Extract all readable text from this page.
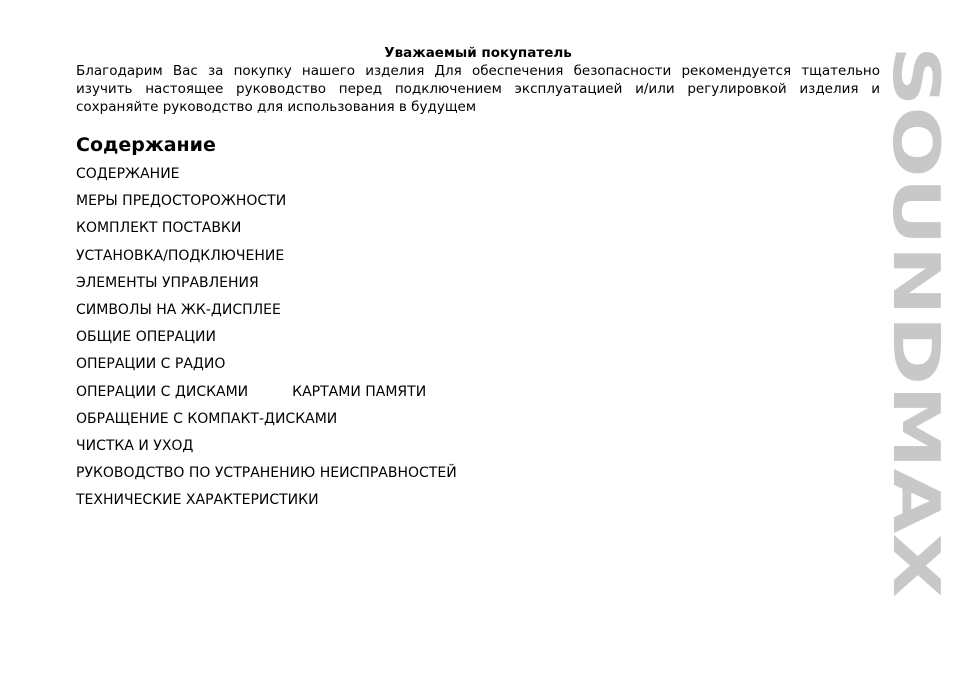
Уважаемый покупатель

Благодарим Вас за покупку нашего изделия Для обеспечения безопасности рекомендуется тщательно изучить настоящее руководство перед подключением эксплуатацией и/или регулировкой изделия и сохраняйте руководство для использования в будущем

Содержание
СОДЕРЖАНИЕ
МЕРЫ ПРЕДОСТОРОЖНОСТИ
КОМПЛЕКТ ПОСТАВКИ
УСТАНОВКА/ПОДКЛЮЧЕНИЕ
ЭЛЕМЕНТЫ УПРАВЛЕНИЯ
СИМВОЛЫ НА ЖК-ДИСПЛЕЕ
ОБЩИЕ ОПЕРАЦИИ
ОПЕРАЦИИ С РАДИО
ОПЕРАЦИИ С ДИСКАМИ	КАРТАМИ ПАМЯТИ
ОБРАЩЕНИЕ С КОМПАКТ-ДИСКАМИ
ЧИСТКА И УХОД
РУКОВОДСТВО ПО УСТРАНЕНИЮ НЕИСПРАВНОСТЕЙ
ТЕХНИЧЕСКИЕ ХАРАКТЕРИСТИКИ
SOUNDMAX
